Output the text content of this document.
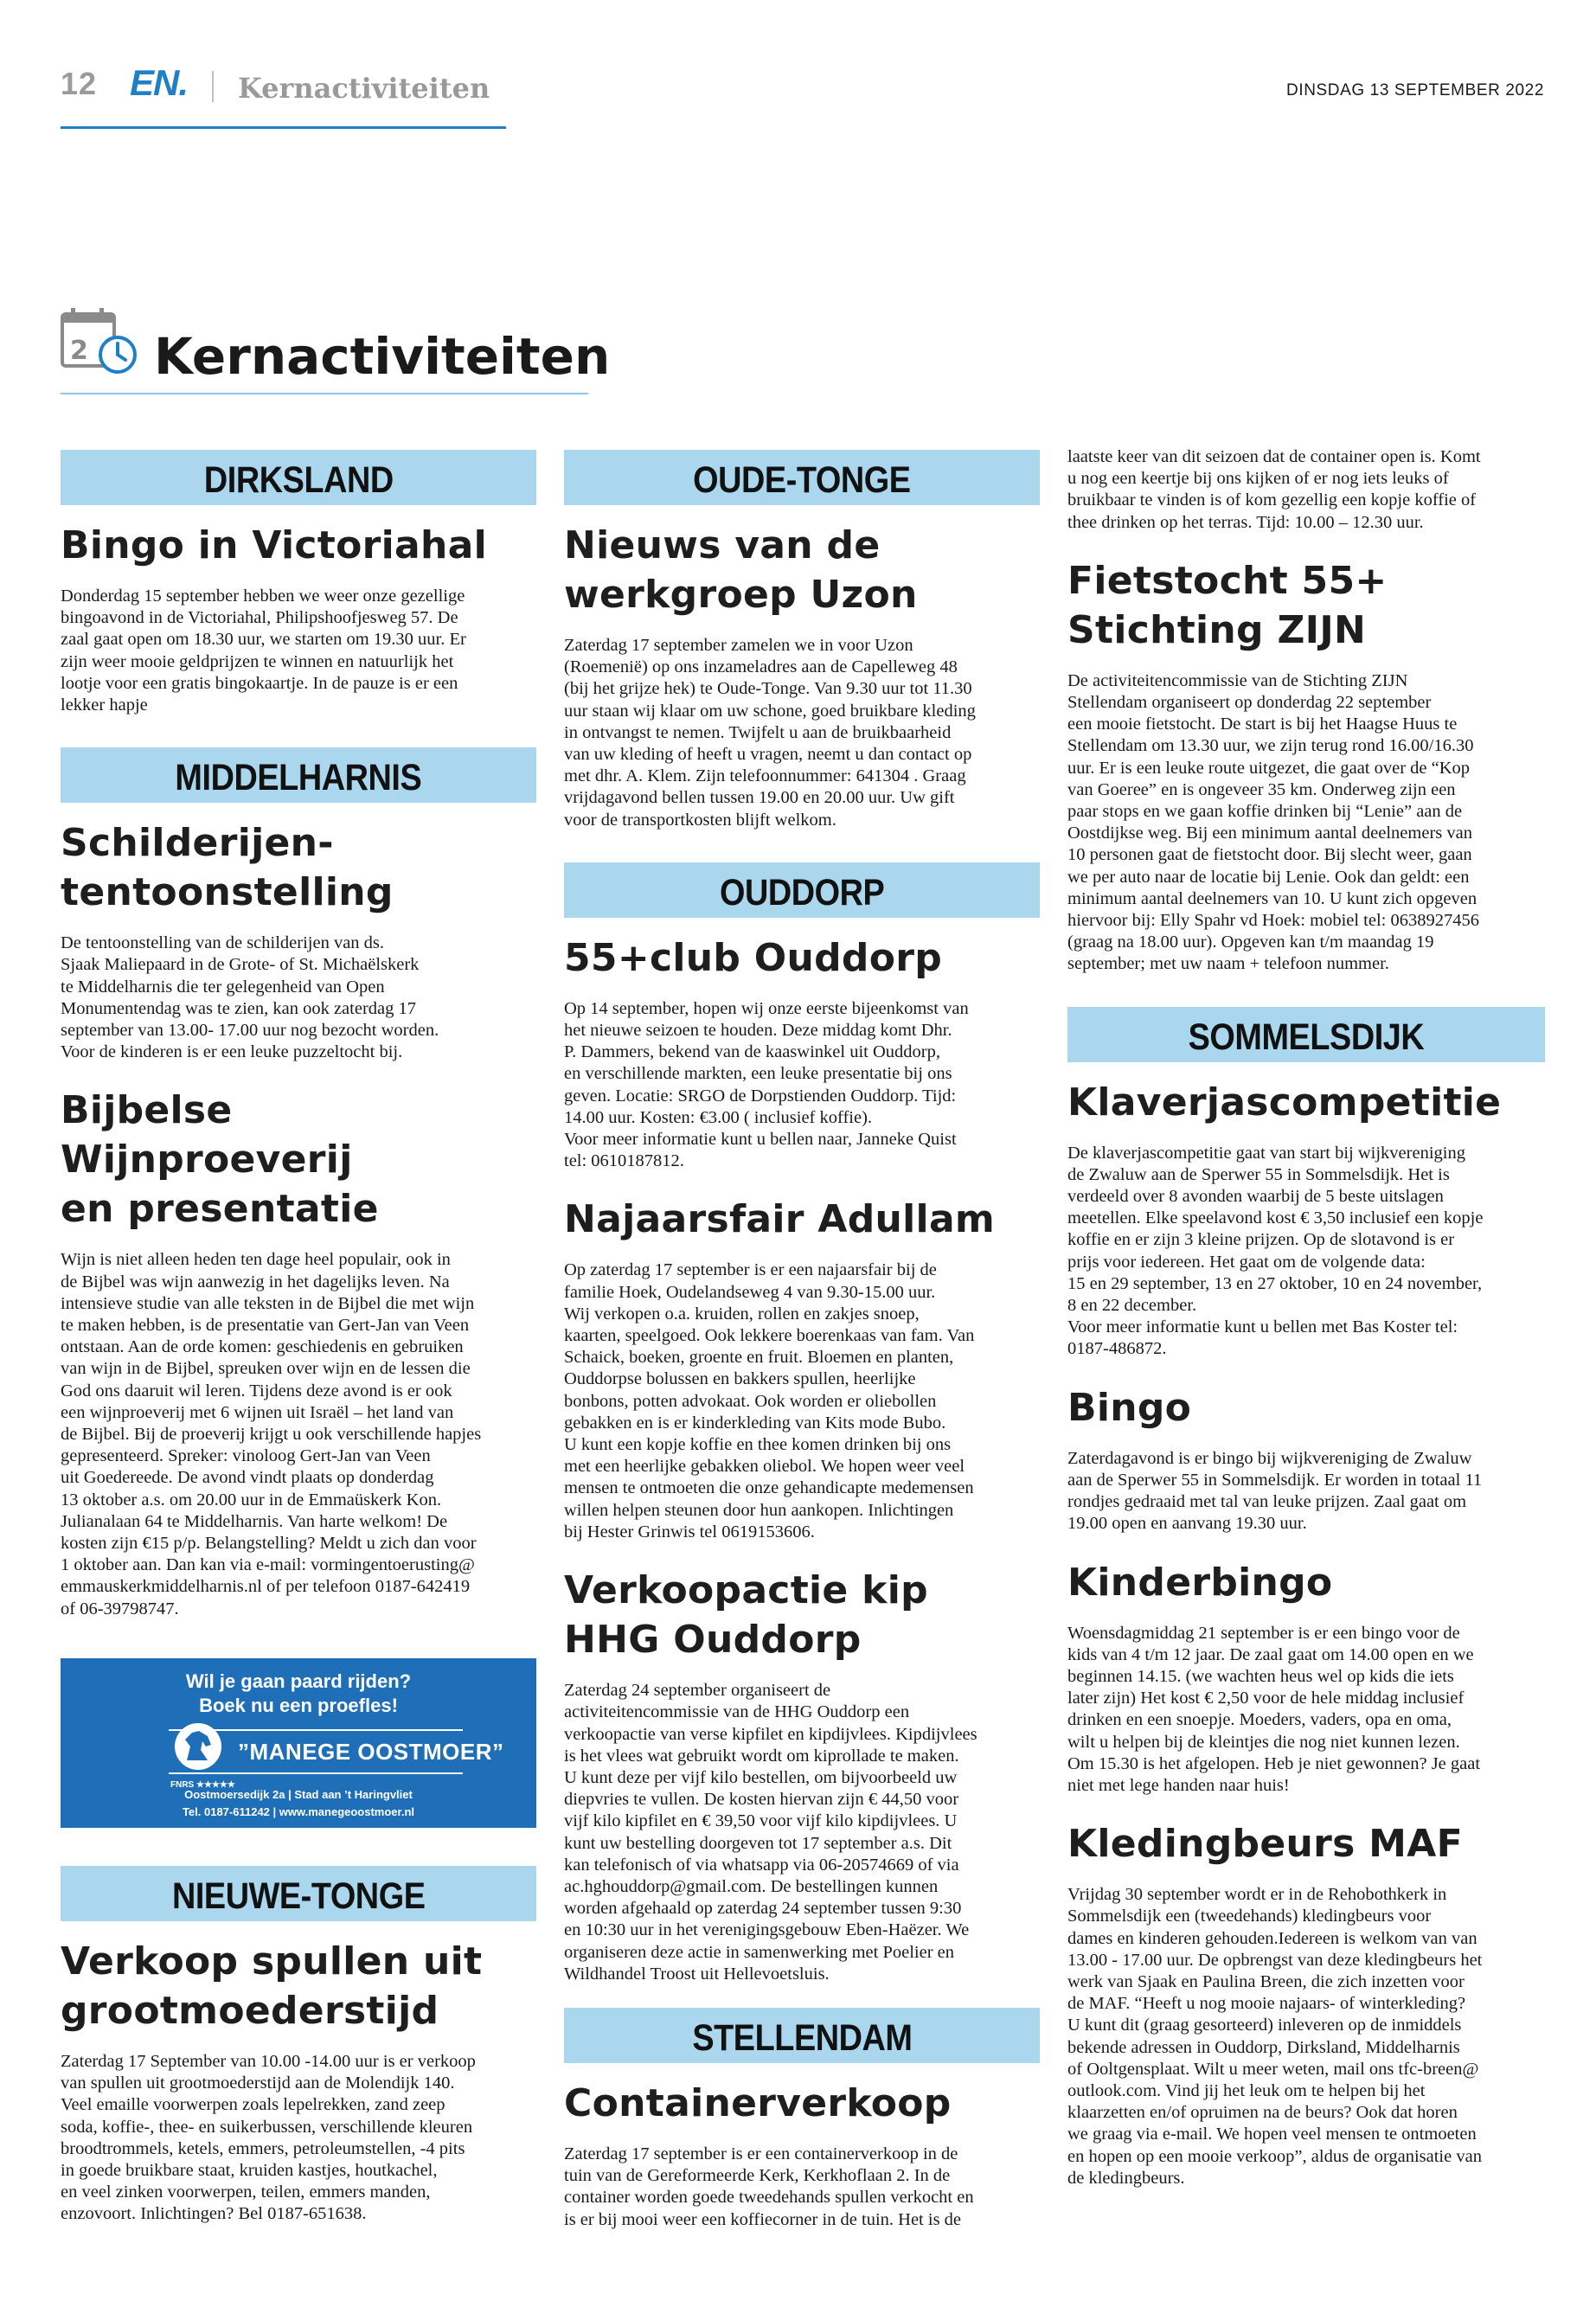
12 EN. Kernactiviteiten	DINSDAG 13 SEPTEMBER 2022
2 Kernactiviteiten
DIRKSLAND
Bingo in Victoriahal
Donderdag 15 september hebben we weer onze gezellige
bingoavond in de Victoriahal, Philipshoofjesweg 57. De
zaal gaat open om 18.30 uur, we starten om 19.30 uur. Er
zijn weer mooie geldprijzen te winnen en natuurlijk het
lootje voor een gratis bingokaartje. In de pauze is er een
lekker hapje
MIDDELHARNIS
Schilderijen-
tentoonstelling
De tentoonstelling van de schilderijen van ds.
Sjaak Maliepaard in de Grote- of St. Michaëlskerk
te Middelharnis die ter gelegenheid van Open
Monumentendag was te zien, kan ook zaterdag 17
september van 13.00- 17.00 uur nog bezocht worden.
Voor de kinderen is er een leuke puzzeltocht bij.
Bijbelse Wijnproeverij
en presentatie
Wijn is niet alleen heden ten dage heel populair, ook in
de Bijbel was wijn aanwezig in het dagelijks leven. Na
intensieve studie van alle teksten in de Bijbel die met wijn
te maken hebben, is de presentatie van Gert-Jan van Veen
ontstaan. Aan de orde komen: geschiedenis en gebruiken
van wijn in de Bijbel, spreuken over wijn en de lessen die
God ons daaruit wil leren. Tijdens deze avond is er ook
een wijnproeverij met 6 wijnen uit Israël – het land van
de Bijbel. Bij de proeverij krijgt u ook verschillende hapjes
gepresenteerd. Spreker: vinoloog Gert-Jan van Veen
uit Goedereede. De avond vindt plaats op donderdag
13 oktober a.s. om 20.00 uur in de Emmaüskerk Kon.
Julianalaan 64 te Middelharnis. Van harte welkom! De
kosten zijn €15 p/p. Belangstelling? Meldt u zich dan voor
1 oktober aan. Dan kan via e-mail: vormingentoerusting@
emmauskerkmiddelharnis.nl of per telefoon 0187-642419
of 06-39798747.
Wil je gaan paard rijden?
Boek nu een proefles!
”MANEGE OOSTMOER”
FNRS ★★★★★
Oostmoersedijk 2a | Stad aan ’t Haringvliet
Tel. 0187-611242 | www.manegeoostmoer.nl
NIEUWE-TONGE
Verkoop spullen uit
grootmoederstijd
Zaterdag 17 September van 10.00 -14.00 uur is er verkoop
van spullen uit grootmoederstijd aan de Molendijk 140.
Veel emaille voorwerpen zoals lepelrekken, zand zeep
soda, koffie-, thee- en suikerbussen, verschillende kleuren
broodtrommels, ketels, emmers, petroleumstellen, -4 pits
in goede bruikbare staat, kruiden kastjes, houtkachel,
en veel zinken voorwerpen, teilen, emmers manden,
enzovoort. Inlichtingen? Bel 0187-651638.
OUDE-TONGE
Nieuws van de
werkgroep Uzon
Zaterdag 17 september zamelen we in voor Uzon
(Roemenië) op ons inzameladres aan de Capelleweg 48
(bij het grijze hek) te Oude-Tonge. Van 9.30 uur tot 11.30
uur staan wij klaar om uw schone, goed bruikbare kleding
in ontvangst te nemen. Twijfelt u aan de bruikbaarheid
van uw kleding of heeft u vragen, neemt u dan contact op
met dhr. A. Klem. Zijn telefoonnummer: 641304 . Graag
vrijdagavond bellen tussen 19.00 en 20.00 uur. Uw gift
voor de transportkosten blijft welkom.
OUDDORP
55+club Ouddorp
Op 14 september, hopen wij onze eerste bijeenkomst van
het nieuwe seizoen te houden. Deze middag komt Dhr.
P. Dammers, bekend van de kaaswinkel uit Ouddorp,
en verschillende markten, een leuke presentatie bij ons
geven. Locatie: SRGO de Dorpstienden Ouddorp. Tijd:
14.00 uur. Kosten: €3.00 ( inclusief koffie).
Voor meer informatie kunt u bellen naar, Janneke Quist
tel: 0610187812.
Najaarsfair Adullam
Op zaterdag 17 september is er een najaarsfair bij de
familie Hoek, Oudelandseweg 4 van 9.30-15.00 uur.
Wij verkopen o.a. kruiden, rollen en zakjes snoep,
kaarten, speelgoed. Ook lekkere boerenkaas van fam. Van
Schaick, boeken, groente en fruit. Bloemen en planten,
Ouddorpse bolussen en bakkers spullen, heerlijke
bonbons, potten advokaat. Ook worden er oliebollen
gebakken en is er kinderkleding van Kits mode Bubo.
U kunt een kopje koffie en thee komen drinken bij ons
met een heerlijke gebakken oliebol. We hopen weer veel
mensen te ontmoeten die onze gehandicapte medemensen
willen helpen steunen door hun aankopen. Inlichtingen
bij Hester Grinwis tel 0619153606.
Verkoopactie kip
HHG Ouddorp
Zaterdag 24 september organiseert de
activiteitencommissie van de HHG Ouddorp een
verkoopactie van verse kipfilet en kipdijvlees. Kipdijvlees
is het vlees wat gebruikt wordt om kiprollade te maken.
U kunt deze per vijf kilo bestellen, om bijvoorbeeld uw
diepvries te vullen. De kosten hiervan zijn € 44,50 voor
vijf kilo kipfilet en € 39,50 voor vijf kilo kipdijvlees. U
kunt uw bestelling doorgeven tot 17 september a.s. Dit
kan telefonisch of via whatsapp via 06-20574669 of via
ac.hghouddorp@gmail.com. De bestellingen kunnen
worden afgehaald op zaterdag 24 september tussen 9:30
en 10:30 uur in het verenigingsgebouw Eben-Haëzer. We
organiseren deze actie in samenwerking met Poelier en
Wildhandel Troost uit Hellevoetsluis.
STELLENDAM
Containerverkoop
Zaterdag 17 september is er een containerverkoop in de
tuin van de Gereformeerde Kerk, Kerkhoflaan 2. In de
container worden goede tweedehands spullen verkocht en
is er bij mooi weer een koffiecorner in de tuin. Het is de
laatste keer van dit seizoen dat de container open is. Komt
u nog een keertje bij ons kijken of er nog iets leuks of
bruikbaar te vinden is of kom gezellig een kopje koffie of
thee drinken op het terras. Tijd: 10.00 – 12.30 uur.
Fietstocht 55+
Stichting ZIJN
De activiteitencommissie van de Stichting ZIJN
Stellendam organiseert op donderdag 22 september
een mooie fietstocht. De start is bij het Haagse Huus te
Stellendam om 13.30 uur, we zijn terug rond 16.00/16.30
uur. Er is een leuke route uitgezet, die gaat over de “Kop
van Goeree” en is ongeveer 35 km. Onderweg zijn een
paar stops en we gaan koffie drinken bij “Lenie” aan de
Oostdijkse weg. Bij een minimum aantal deelnemers van
10 personen gaat de fietstocht door. Bij slecht weer, gaan
we per auto naar de locatie bij Lenie. Ook dan geldt: een
minimum aantal deelnemers van 10. U kunt zich opgeven
hiervoor bij: Elly Spahr vd Hoek: mobiel tel: 0638927456
(graag na 18.00 uur). Opgeven kan t/m maandag 19
september; met uw naam + telefoon nummer.
SOMMELSDIJK
Klaverjascompetitie
De klaverjascompetitie gaat van start bij wijkvereniging
de Zwaluw aan de Sperwer 55 in Sommelsdijk. Het is
verdeeld over 8 avonden waarbij de 5 beste uitslagen
meetellen. Elke speelavond kost € 3,50 inclusief een kopje
koffie en er zijn 3 kleine prijzen. Op de slotavond is er
prijs voor iedereen. Het gaat om de volgende data:
15 en 29 september, 13 en 27 oktober, 10 en 24 november,
8 en 22 december.
Voor meer informatie kunt u bellen met Bas Koster tel:
0187-486872.
Bingo
Zaterdagavond is er bingo bij wijkvereniging de Zwaluw
aan de Sperwer 55 in Sommelsdijk. Er worden in totaal 11
rondjes gedraaid met tal van leuke prijzen. Zaal gaat om
19.00 open en aanvang 19.30 uur.
Kinderbingo
Woensdagmiddag 21 september is er een bingo voor de
kids van 4 t/m 12 jaar. De zaal gaat om 14.00 open en we
beginnen 14.15. (we wachten heus wel op kids die iets
later zijn) Het kost € 2,50 voor de hele middag inclusief
drinken en een snoepje. Moeders, vaders, opa en oma,
wilt u helpen bij de kleintjes die nog niet kunnen lezen.
Om 15.30 is het afgelopen. Heb je niet gewonnen? Je gaat
niet met lege handen naar huis!
Kledingbeurs MAF
Vrijdag 30 september wordt er in de Rehobothkerk in
Sommelsdijk een (tweedehands) kledingbeurs voor
dames en kinderen gehouden.Iedereen is welkom van van
13.00 - 17.00 uur. De opbrengst van deze kledingbeurs het
werk van Sjaak en Paulina Breen, die zich inzetten voor
de MAF. “Heeft u nog mooie najaars- of winterkleding?
U kunt dit (graag gesorteerd) inleveren op de inmiddels
bekende adressen in Ouddorp, Dirksland, Middelharnis
of Ooltgensplaat. Wilt u meer weten, mail ons tfc-breen@
outlook.com. Vind jij het leuk om te helpen bij het
klaarzetten en/of opruimen na de beurs? Ook dat horen
we graag via e-mail. We hopen veel mensen te ontmoeten
en hopen op een mooie verkoop”, aldus de organisatie van
de kledingbeurs.
